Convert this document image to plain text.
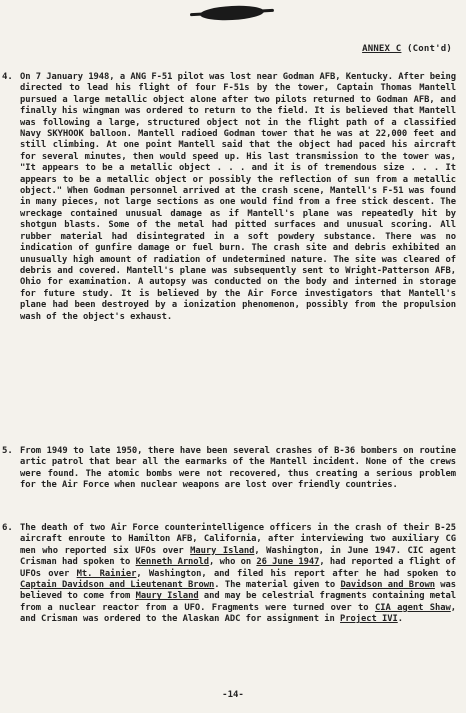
ANNEX C (Cont'd)
4. On 7 January 1948, a ANG F-51 pilot was lost near Godman AFB, Kentucky. After being directed to lead his flight of four F-51s by the tower, Captain Thomas Mantell pursued a large metallic object alone after two pilots returned to Godman AFB, and finally his wingman was ordered to return to the field. It is believed that Mantell was following a large, structured object not in the flight path of a classified Navy SKYHOOK balloon. Mantell radioed Godman tower that he was at 22,000 feet and still climbing. At one point Mantell said that the object had paced his aircraft for several minutes, then would speed up. His last transmission to the tower was, "It appears to be a metallic object . . . and it is of tremendous size . . . It appears to be a metallic object or possibly the reflection of sun from a metallic object." When Godman personnel arrived at the crash scene, Mantell's F-51 was found in many pieces, not large sections as one would find from a free stick descent. The wreckage contained unusual damage as if Mantell's plane was repeatedly hit by shotgun blasts. Some of the metal had pitted surfaces and unusual scoring. All rubber material had disintegrated in a soft powdery substance. There was no indication of gunfire damage or fuel burn. The crash site and debris exhibited an unusually high amount of radiation of undetermined nature. The site was cleared of debris and covered. Mantell's plane was subsequently sent to Wright-Patterson AFB, Ohio for examination. A autopsy was conducted on the body and interned in storage for future study. It is believed by the Air Force investigators that Mantell's plane had been destroyed by a ionization phenomenon, possibly from the propulsion wash of the object's exhaust.
5. From 1949 to late 1950, there have been several crashes of B-36 bombers on routine artic patrol that bear all the earmarks of the Mantell incident. None of the crews were found. The atomic bombs were not recovered, thus creating a serious problem for the Air Force when nuclear weapons are lost over friendly countries.
6. The death of two Air Force counterintelligence officers in the crash of their B-25 aircraft enroute to Hamilton AFB, California, after interviewing two auxiliary CG men who reported six UFOs over Maury Island, Washington, in June 1947. CIC agent Crisman had spoken to Kenneth Arnold, who on 26 June 1947, had reported a flight of UFOs over Mt. Rainier, Washington, and filed his report after he had spoken to Captain Davidson and Lieutenant Brown. The material given to Davidson and Brown was believed to come from Maury Island and may be celestrial fragments containing metal from a nuclear reactor from a UFO. Fragments were turned over to CIA agent Shaw, and Crisman was ordered to the Alaskan ADC for assignment in Project IVI.
-14-
